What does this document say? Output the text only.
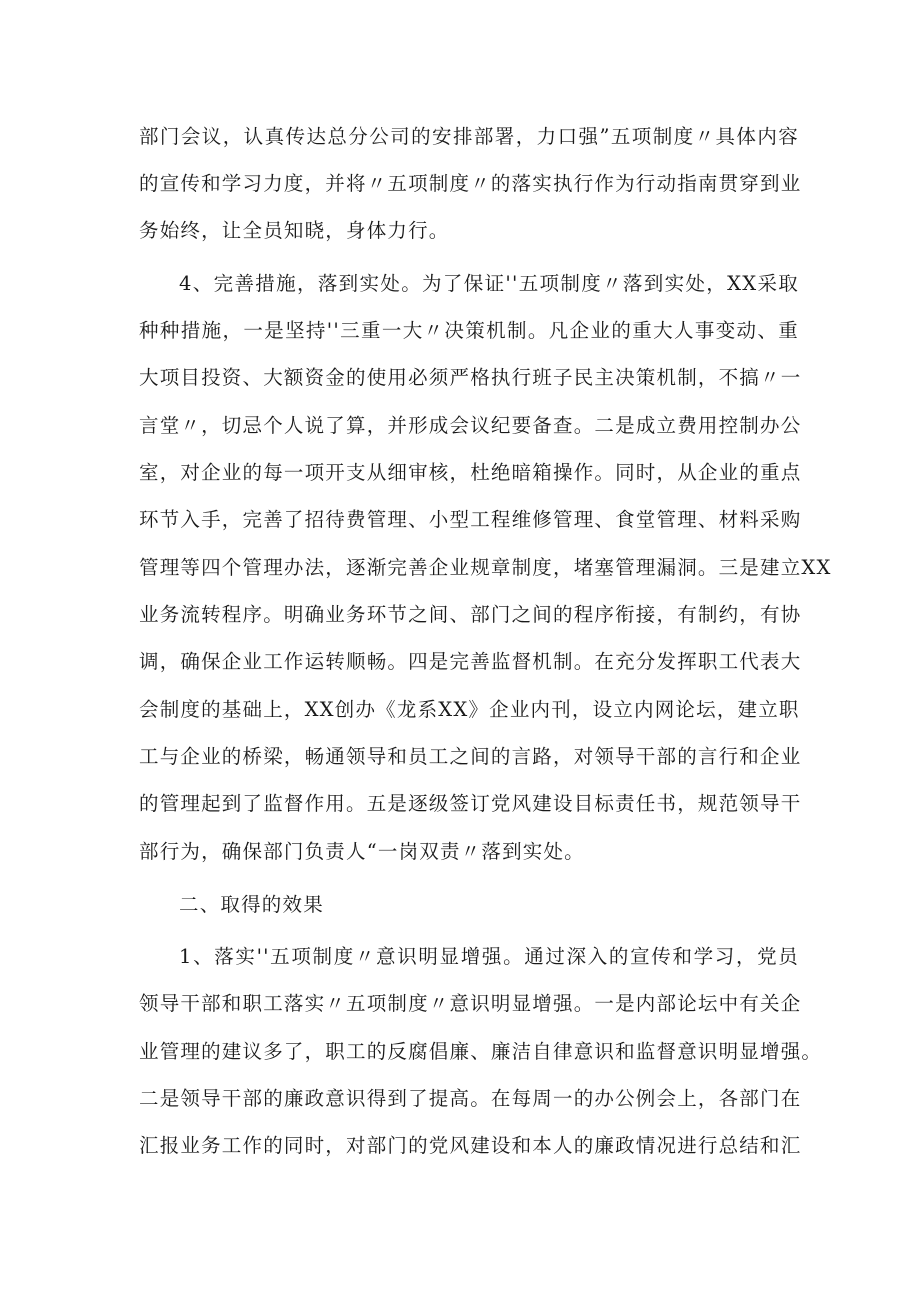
部门会议，认真传达总分公司的安排部署，力口强”五项制度〃具体内容
的宣传和学习力度，并将〃五项制度〃的落实执行作为行动指南贯穿到业
务始终，让全员知晓，身体力行。
4、完善措施，落到实处。为了保证''五项制度〃落到实处，XX采取
种种措施，一是坚持''三重一大〃决策机制。凡企业的重大人事变动、重
大项目投资、大额资金的使用必须严格执行班子民主决策机制，不搞〃一
言堂〃，切忌个人说了算，并形成会议纪要备查。二是成立费用控制办公
室，对企业的每一项开支从细审核，杜绝暗箱操作。同时，从企业的重点
环节入手，完善了招待费管理、小型工程维修管理、食堂管理、材料采购
管理等四个管理办法，逐渐完善企业规章制度，堵塞管理漏洞。三是建立XX
业务流转程序。明确业务环节之间、部门之间的程序衔接，有制约，有协
调，确保企业工作运转顺畅。四是完善监督机制。在充分发挥职工代表大
会制度的基础上，XX创办《龙系XX》企业内刊，设立内网论坛，建立职
工与企业的桥梁，畅通领导和员工之间的言路，对领导干部的言行和企业
的管理起到了监督作用。五是逐级签订党风建设目标责任书，规范领导干
部行为，确保部门负责人“一岗双责〃落到实处。
二、取得的效果
1、落实''五项制度〃意识明显增强。通过深入的宣传和学习，党员
领导干部和职工落实〃五项制度〃意识明显增强。一是内部论坛中有关企
业管理的建议多了，职工的反腐倡廉、廉洁自律意识和监督意识明显增强。
二是领导干部的廉政意识得到了提高。在每周一的办公例会上，各部门在
汇报业务工作的同时，对部门的党风建设和本人的廉政情况进行总结和汇
